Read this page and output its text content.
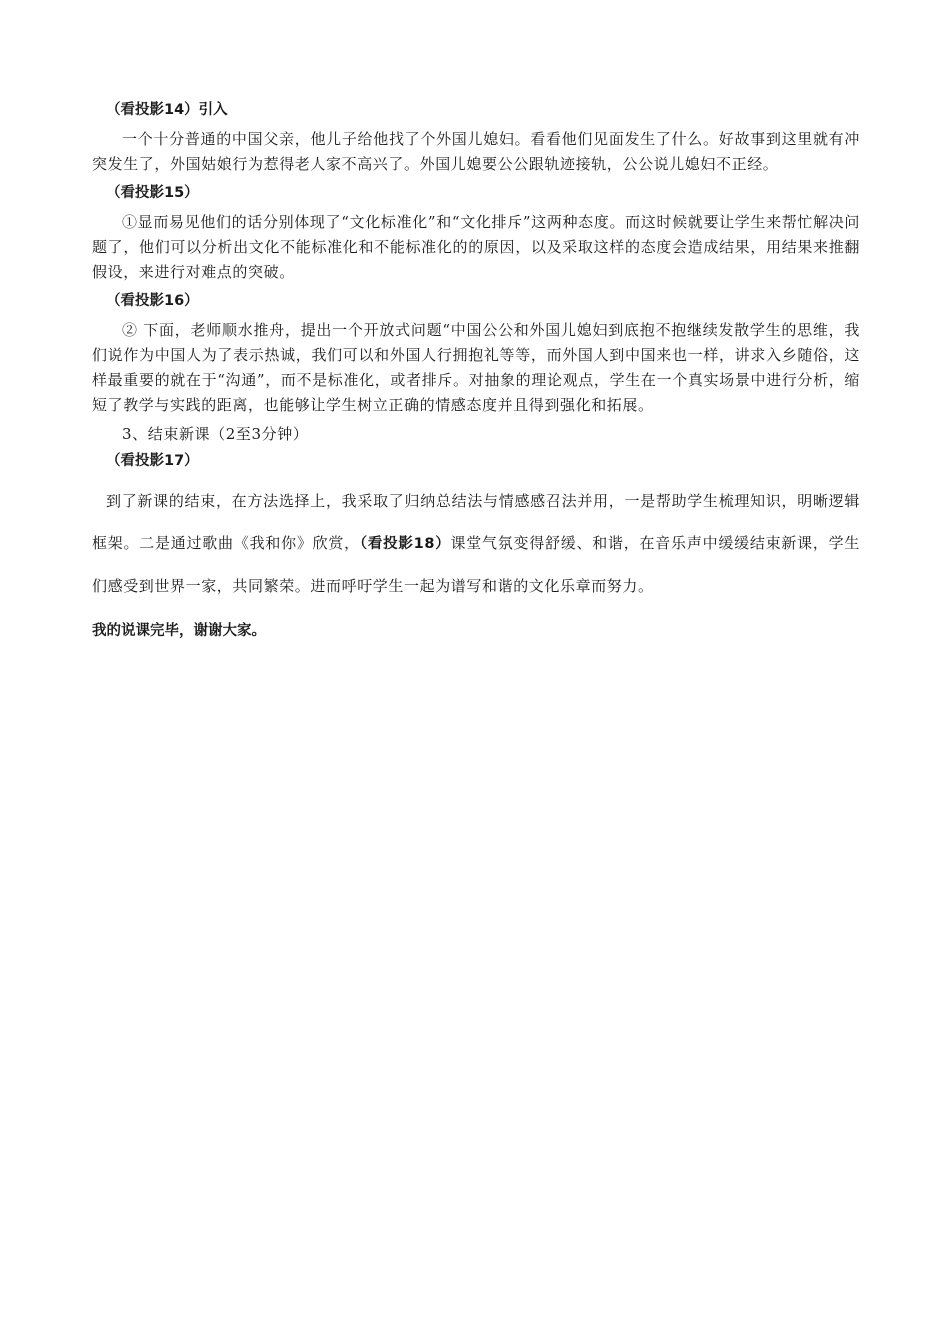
（看投影14）引入

一个十分普通的中国父亲，他儿子给他找了个外国儿媳妇。看看他们见面发生了什么。好故事到这里就有冲突发生了，外国姑娘行为惹得老人家不高兴了。外国儿媳要公公跟轨迹接轨，公公说儿媳妇不正经。

（看投影15）

①显而易见他们的话分别体现了“文化标准化”和“文化排斥”这两种态度。而这时候就要让学生来帮忙解决问题了，他们可以分析出文化不能标准化和不能标准化的的原因，以及采取这样的态度会造成结果，用结果来推翻假设，来进行对难点的突破。

（看投影16）

② 下面，老师顺水推舟，提出一个开放式问题“中国公公和外国儿媳妇到底抱不抱继续发散学生的思维，我们说作为中国人为了表示热诚，我们可以和外国人行拥抱礼等等，而外国人到中国来也一样，讲求入乡随俗，这样最重要的就在于“沟通”，而不是标准化，或者排斥。对抽象的理论观点，学生在一个真实场景中进行分析，缩短了教学与实践的距离，也能够让学生树立正确的情感态度并且得到强化和拓展。

3、结束新课（2至3分钟）

（看投影17）

到了新课的结束，在方法选择上，我采取了归纳总结法与情感感召法并用，一是帮助学生梳理知识，明晰逻辑框架。二是通过歌曲《我和你》欣赏，（看投影18）课堂气氛变得舒缓、和谐，在音乐声中缓缓结束新课，学生们感受到世界一家，共同繁荣。进而呼吁学生一起为谱写和谐的文化乐章而努力。

我的说课完毕，谢谢大家。
